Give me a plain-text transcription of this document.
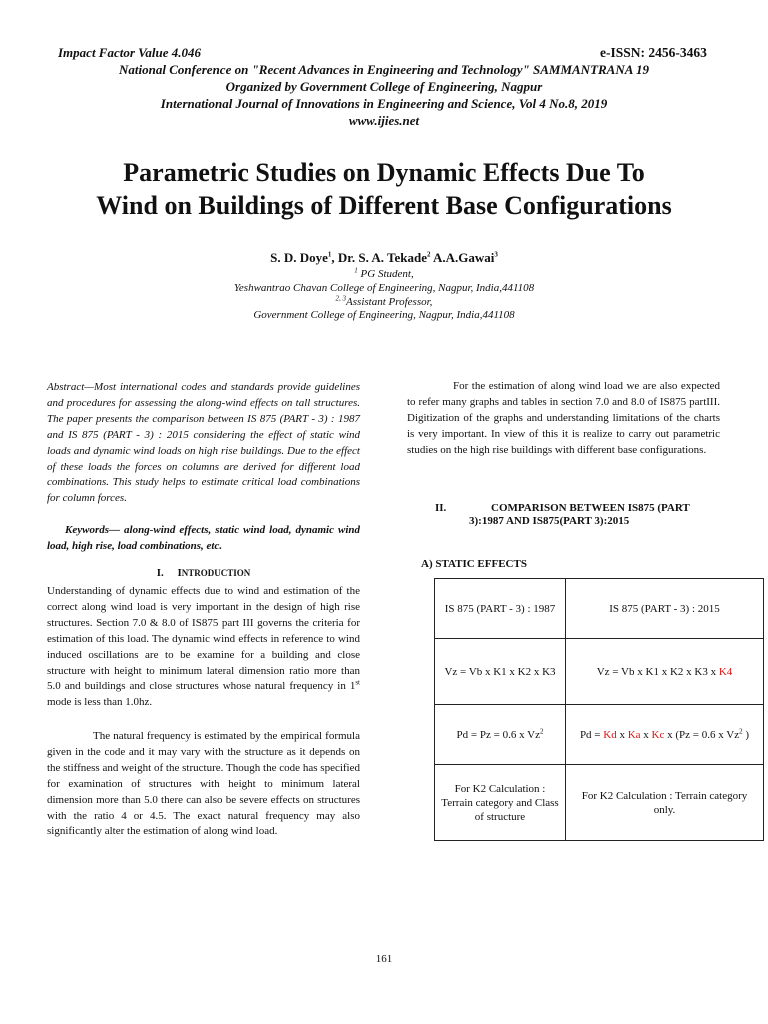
Impact Factor Value 4.046	e-ISSN: 2456-3463
National Conference on "Recent Advances in Engineering and Technology" SAMMANTRANA 19
Organized by Government College of Engineering, Nagpur
International Journal of Innovations in Engineering and Science, Vol 4 No.8, 2019
www.ijies.net
Parametric Studies on Dynamic Effects Due To
Wind on Buildings of Different Base Configurations
S. D. Doye$^1$, Dr. S. A. Tekade$^2$ A.A.Gawai$^3$
$^1$ PG Student,
Yeshwantrao Chavan College of Engineering, Nagpur, India,441108
$^{2, 3}$Assistant Professor,
Government College of Engineering, Nagpur, India,441108
Abstract—Most international codes and standards provide guidelines and procedures for assessing the along-wind effects on tall structures. The paper presents the comparison between IS 875 (PART - 3) : 1987 and IS 875 (PART - 3) : 2015 considering the effect of static wind loads and dynamic wind loads on high rise buildings. Due to the effect of these loads the forces on columns are derived for different load combinations. This study helps to estimate critical load combinations for column forces.
Keywords— along-wind effects, static wind load, dynamic wind load, high rise, load combinations, etc.
I. INTRODUCTION
Understanding of dynamic effects due to wind and estimation of the correct along wind load is very important in the design of high rise structures. Section 7.0 & 8.0 of IS875 part III governs the criteria for estimation of this load. The dynamic wind effects in reference to wind induced oscillations are to be examine for a building and close structure with height to minimum lateral dimension ratio more than 5.0 and buildings and close structures whose natural frequency in 1st mode is less than 1.0hz.
The natural frequency is estimated by the empirical formula given in the code and it may vary with the structure as it depends on the stiffness and weight of the structure. Though the code has specified for examination of structures with height to minimum lateral dimension more than 5.0 there can also be severe effects on structures with the ratio 4 or 4.5. The exact natural frequency may also significantly alter the estimation of along wind load.
For the estimation of along wind load we are also expected to refer many graphs and tables in section 7.0 and 8.0 of IS875 partIII. Digitization of the graphs and understanding limitations of the charts is very important. In view of this it is realize to carry out parametric studies on the high rise buildings with different base configurations.
II.	COMPARISON BETWEEN IS875 (PART
3):1987 AND IS875(PART 3):2015
A) STATIC EFFECTS
IS 875 (PART - 3) : 1987	IS 875 (PART - 3) : 2015
Vz = Vb x K1 x K2 x K3	Vz = Vb x K1 x K2 x K3 x K4
Pd = Pz = 0.6 x Vz$^2$	Pd = Kd x Ka x Kc x (Pz = 0.6 x Vz$^2$ )
For K2 Calculation : Terrain category and Class of structure	For K2 Calculation : Terrain category only.
161
